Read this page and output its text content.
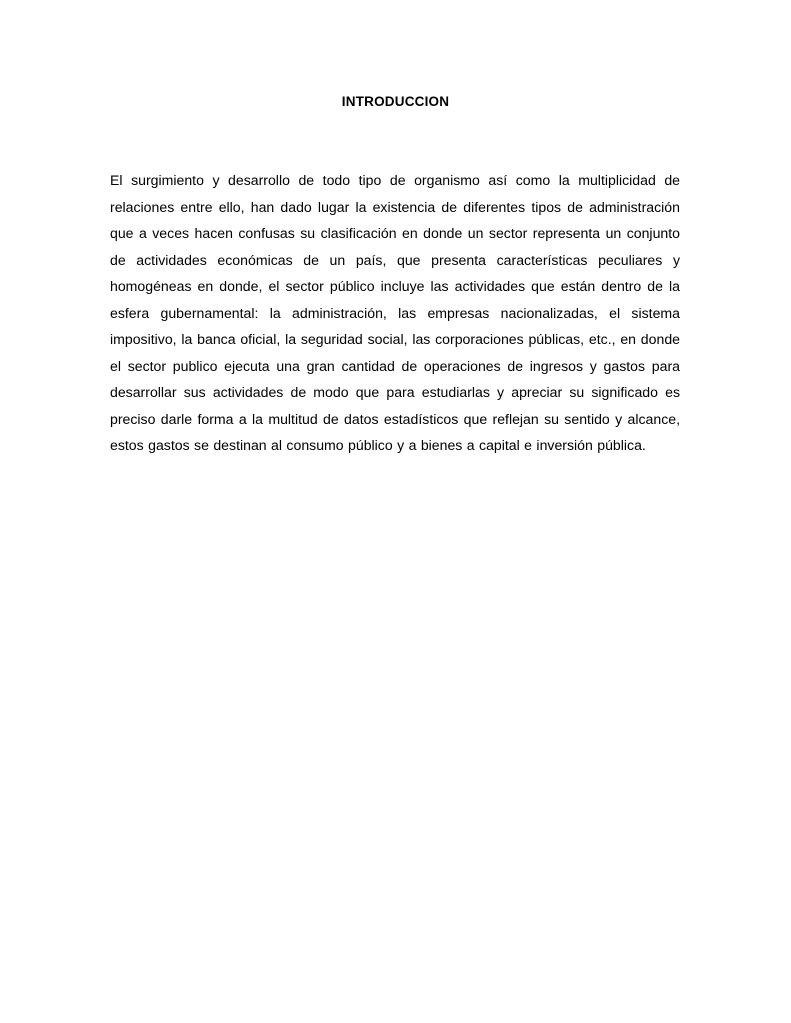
INTRODUCCION

El surgimiento y desarrollo de todo tipo de organismo así como la multiplicidad de relaciones entre ello, han dado lugar la existencia de diferentes tipos de administración que a veces hacen confusas su clasificación en donde un sector representa un conjunto de actividades económicas de un país, que presenta características peculiares y homogéneas en donde, el sector público incluye las actividades que están dentro de la esfera gubernamental: la administración, las empresas nacionalizadas, el sistema impositivo, la banca oficial, la seguridad social, las corporaciones públicas, etc., en donde el sector publico ejecuta una gran cantidad de operaciones de ingresos y gastos para desarrollar sus actividades de modo que para estudiarlas y apreciar su significado es preciso darle forma a la multitud de datos estadísticos que reflejan su sentido y alcance, estos gastos se destinan al consumo público y a bienes a capital e inversión pública.
